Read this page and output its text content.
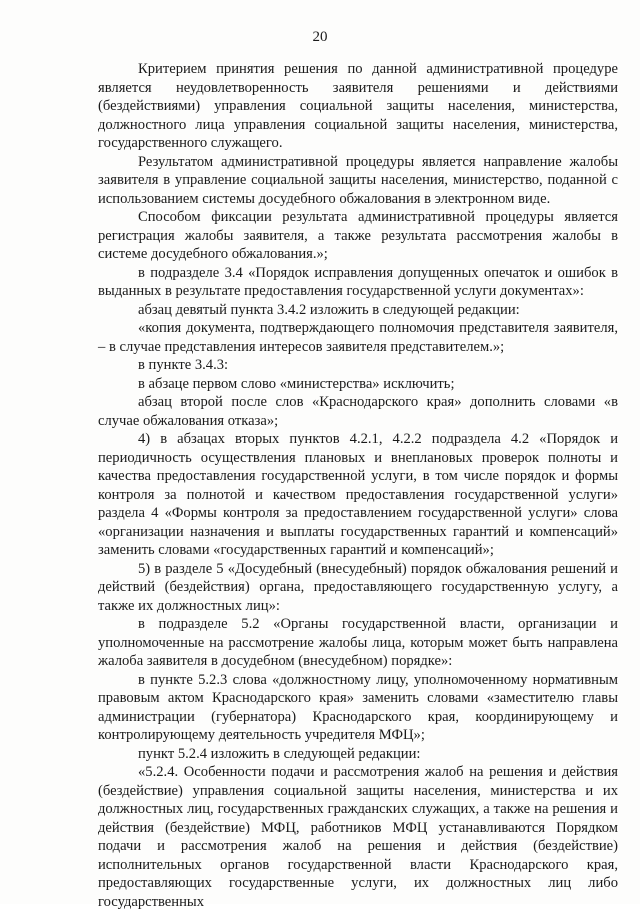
20

Критерием принятия решения по данной административной процедуре является неудовлетворенность заявителя решениями и действиями (бездействиями) управления социальной защиты населения, министерства, должностного лица управления социальной защиты населения, министерства, государственного служащего.

Результатом административной процедуры является направление жалобы заявителя в управление социальной защиты населения, министерство, поданной с использованием системы досудебного обжалования в электронном виде.

Способом фиксации результата административной процедуры является регистрация жалобы заявителя, а также результата рассмотрения жалобы в системе досудебного обжалования.»;

в подразделе 3.4 «Порядок исправления допущенных опечаток и ошибок в выданных в результате предоставления государственной услуги документах»:

абзац девятый пункта 3.4.2 изложить в следующей редакции:

«копия документа, подтверждающего полномочия представителя заявителя, – в случае представления интересов заявителя представителем.»;

в пункте 3.4.3:

в абзаце первом слово «министерства» исключить;

абзац второй после слов «Краснодарского края» дополнить словами «в случае обжалования отказа»;

4) в абзацах вторых пунктов 4.2.1, 4.2.2 подраздела 4.2 «Порядок и периодичность осуществления плановых и внеплановых проверок полноты и качества предоставления государственной услуги, в том числе порядок и формы контроля за полнотой и качеством предоставления государственной услуги» раздела 4 «Формы контроля за предоставлением государственной услуги» слова «организации назначения и выплаты государственных гарантий и компенсаций» заменить словами «государственных гарантий и компенсаций»;

5) в разделе 5 «Досудебный (внесудебный) порядок обжалования решений и действий (бездействия) органа, предоставляющего государственную услугу, а также их должностных лиц»:

в подразделе 5.2 «Органы государственной власти, организации и уполномоченные на рассмотрение жалобы лица, которым может быть направлена жалоба заявителя в досудебном (внесудебном) порядке»:

в пункте 5.2.3 слова «должностному лицу, уполномоченному нормативным правовым актом Краснодарского края» заменить словами «заместителю главы администрации (губернатора) Краснодарского края, координирующему и контролирующему деятельность учредителя МФЦ»;

пункт 5.2.4 изложить в следующей редакции:

«5.2.4. Особенности подачи и рассмотрения жалоб на решения и действия (бездействие) управления социальной защиты населения, министерства и их должностных лиц, государственных гражданских служащих, а также на решения и действия (бездействие) МФЦ, работников МФЦ устанавливаются Порядком подачи и рассмотрения жалоб на решения и действия (бездействие) исполнительных органов государственной власти Краснодарского края, предоставляющих государственные услуги, их должностных лиц либо государственных
